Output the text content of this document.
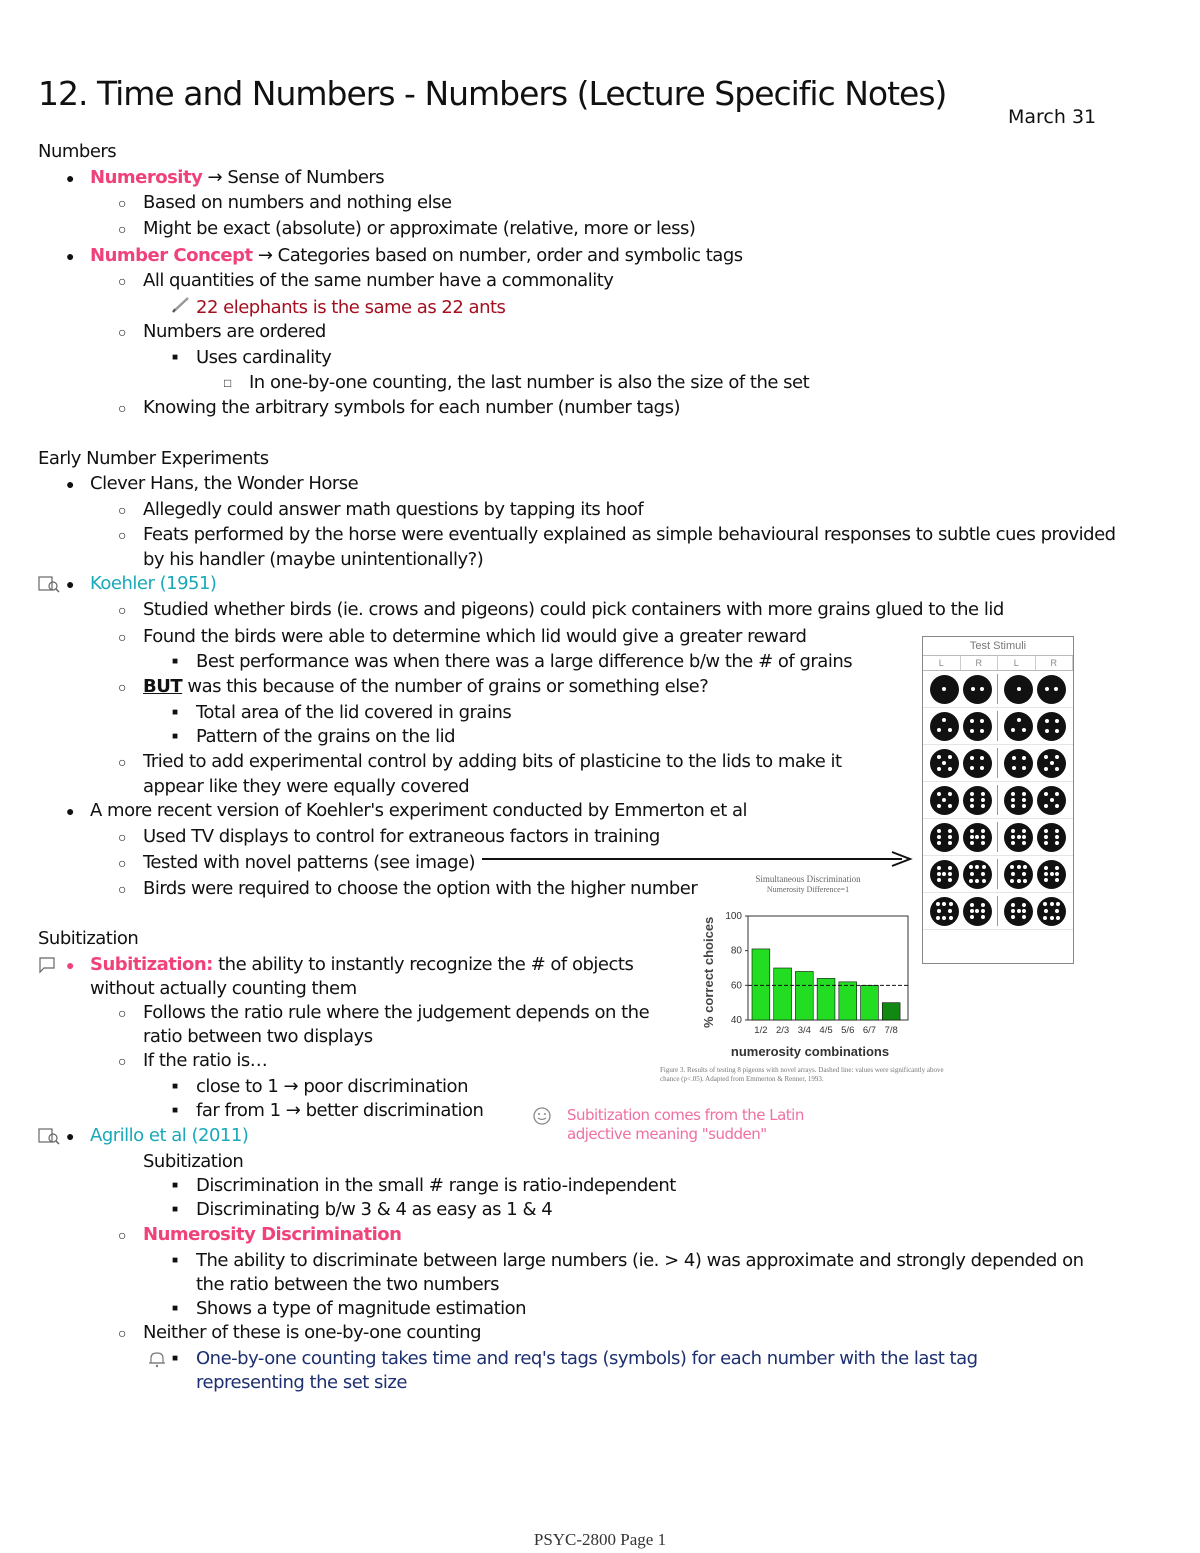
12. Time and Numbers - Numbers (Lecture Specific Notes)
March 31
Numbers
● Numerosity → Sense of Numbers
○ Based on numbers and nothing else
○ Might be exact (absolute) or approximate (relative, more or less)
● Number Concept → Categories based on number, order and symbolic tags
○ All quantities of the same number have a commonality
22 elephants is the same as 22 ants
○ Numbers are ordered
■ Uses cardinality
□ In one-by-one counting, the last number is also the size of the set
○ Knowing the arbitrary symbols for each number (number tags)
Early Number Experiments
● Clever Hans, the Wonder Horse
○ Allegedly could answer math questions by tapping its hoof
○ Feats performed by the horse were eventually explained as simple behavioural responses to subtle cues provided
by his handler (maybe unintentionally?)
● Koehler (1951)
○ Studied whether birds (ie. crows and pigeons) could pick containers with more grains glued to the lid
○ Found the birds were able to determine which lid would give a greater reward
■ Best performance was when there was a large difference b/w the # of grains
○ BUT was this because of the number of grains or something else?
■ Total area of the lid covered in grains
■ Pattern of the grains on the lid
○ Tried to add experimental control by adding bits of plasticine to the lids to make it
appear like they were equally covered
● A more recent version of Koehler's experiment conducted by Emmerton et al
○ Used TV displays to control for extraneous factors in training
○ Tested with novel patterns (see image)
○ Birds were required to choose the option with the higher number
Test Stimuli
L	R	L	R
Simultaneous Discrimination
Numerosity Difference=1
% correct choices
numerosity combinations
40
60
80
100
1/2 2/3 3/4 4/5 5/6 6/7 7/8
Figure 3. Results of testing 8 pigeons with novel arrays. Dashed line: values were significantly above chance (p<.05). Adapted from Emmerton & Renner, 1993.
Subitization
● Subitization: the ability to instantly recognize the # of objects
without actually counting them
○ Follows the ratio rule where the judgement depends on the
ratio between two displays
○ If the ratio is…
■ close to 1 → poor discrimination
■ far from 1 → better discrimination	Subitization comes from the Latin
adjective meaning "sudden"
● Agrillo et al (2011)
Subitization
■ Discrimination in the small # range is ratio-independent
■ Discriminating b/w 3 & 4 as easy as 1 & 4
○ Numerosity Discrimination
■ The ability to discriminate between large numbers (ie. > 4) was approximate and strongly depended on
the ratio between the two numbers
■ Shows a type of magnitude estimation
○ Neither of these is one-by-one counting
■ One-by-one counting takes time and req's tags (symbols) for each number with the last tag
representing the set size
PSYC-2800 Page 1
